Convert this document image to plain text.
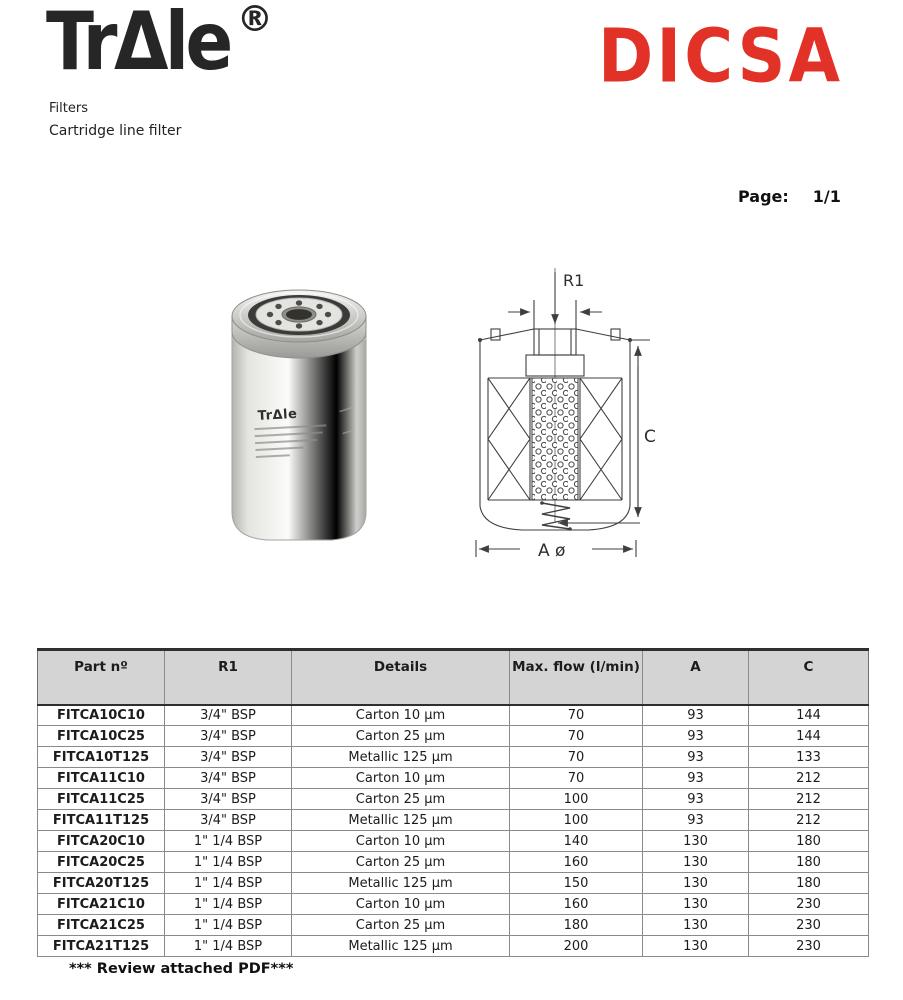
TrΔle ®
Filters
Cartridge line filter
DICSA
Page: 1/1
TrΔle
R1
C
A ø
Part nº	R1	Details	Max. flow (l/min)	A	C
FITCA10C10	3/4" BSP	Carton 10 µm	70	93	144
FITCA10C25	3/4" BSP	Carton 25 µm	70	93	144
FITCA10T125	3/4" BSP	Metallic 125 µm	70	93	133
FITCA11C10	3/4" BSP	Carton 10 µm	70	93	212
FITCA11C25	3/4" BSP	Carton 25 µm	100	93	212
FITCA11T125	3/4" BSP	Metallic 125 µm	100	93	212
FITCA20C10	1" 1/4 BSP	Carton 10 µm	140	130	180
FITCA20C25	1" 1/4 BSP	Carton 25 µm	160	130	180
FITCA20T125	1" 1/4 BSP	Metallic 125 µm	150	130	180
FITCA21C10	1" 1/4 BSP	Carton 10 µm	160	130	230
FITCA21C25	1" 1/4 BSP	Carton 25 µm	180	130	230
FITCA21T125	1" 1/4 BSP	Metallic 125 µm	200	130	230
*** Review attached PDF***
